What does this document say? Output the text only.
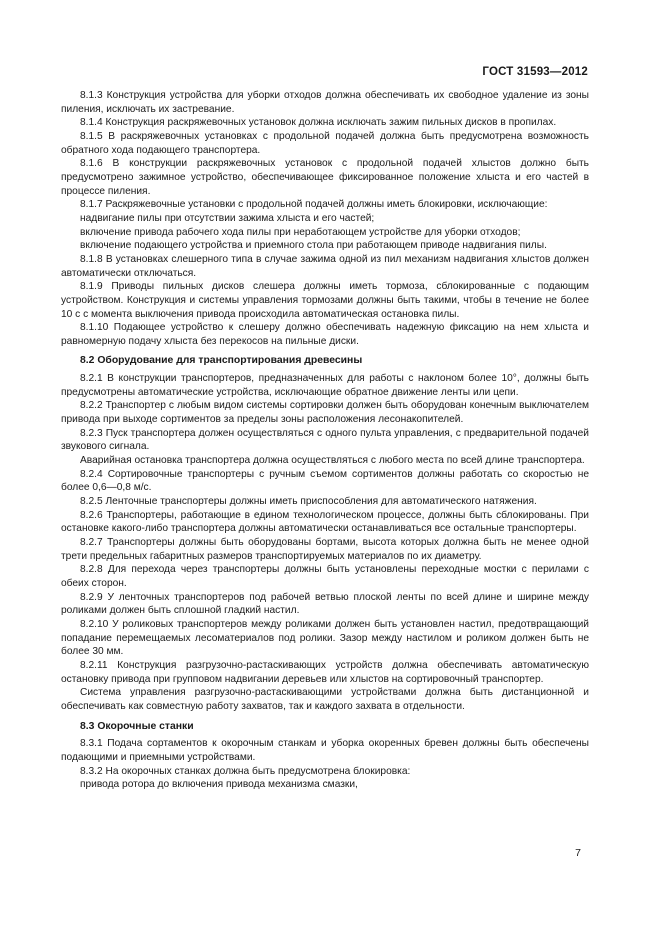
ГОСТ 31593—2012

8.1.3 Конструкция устройства для уборки отходов должна обеспечивать их свободное удаление из зоны пиления, исключать их застревание.

8.1.4 Конструкция раскряжевочных установок должна исключать зажим пильных дисков в пропилах.

8.1.5 В раскряжевочных установках с продольной подачей должна быть предусмотрена возможность обратного хода подающего транспортера.

8.1.6 В конструкции раскряжевочных установок с продольной подачей хлыстов должно быть предусмотрено зажимное устройство, обеспечивающее фиксированное положение хлыста и его частей в процессе пиления.

8.1.7 Раскряжевочные установки с продольной подачей должны иметь блокировки, исключающие:

надвигание пилы при отсутствии зажима хлыста и его частей;

включение привода рабочего хода пилы при неработающем устройстве для уборки отходов;

включение подающего устройства и приемного стола при работающем приводе надвигания пилы.

8.1.8 В установках слешерного типа в случае зажима одной из пил механизм надвигания хлыстов должен автоматически отключаться.

8.1.9 Приводы пильных дисков слешера должны иметь тормоза, сблокированные с подающим устройством. Конструкция и системы управления тормозами должны быть такими, чтобы в течение не более 10 с с момента выключения привода происходила автоматическая остановка пилы.

8.1.10 Подающее устройство к слешеру должно обеспечивать надежную фиксацию на нем хлыста и равномерную подачу хлыста без перекосов на пильные диски.

8.2 Оборудование для транспортирования древесины

8.2.1 В конструкции транспортеров, предназначенных для работы с наклоном более 10°, должны быть предусмотрены автоматические устройства, исключающие обратное движение ленты или цепи.

8.2.2 Транспортер с любым видом системы сортировки должен быть оборудован конечным выключателем привода при выходе сортиментов за пределы зоны расположения лесонакопителей.

8.2.3 Пуск транспортера должен осуществляться с одного пульта управления, с предварительной подачей звукового сигнала.

Аварийная остановка транспортера должна осуществляться с любого места по всей длине транспортера.

8.2.4 Сортировочные транспортеры с ручным съемом сортиментов должны работать со скоростью не более 0,6—0,8 м/с.

8.2.5 Ленточные транспортеры должны иметь приспособления для автоматического натяжения.

8.2.6 Транспортеры, работающие в едином технологическом процессе, должны быть сблокированы. При остановке какого-либо транспортера должны автоматически останавливаться все остальные транспортеры.

8.2.7 Транспортеры должны быть оборудованы бортами, высота которых должна быть не менее одной трети предельных габаритных размеров транспортируемых материалов по их диаметру.

8.2.8 Для перехода через транспортеры должны быть установлены переходные мостки с перилами с обеих сторон.

8.2.9 У ленточных транспортеров под рабочей ветвью плоской ленты по всей длине и ширине между роликами должен быть сплошной гладкий настил.

8.2.10 У роликовых транспортеров между роликами должен быть установлен настил, предотвращающий попадание перемещаемых лесоматериалов под ролики. Зазор между настилом и роликом должен быть не более 30 мм.

8.2.11 Конструкция разгрузочно-растаскивающих устройств должна обеспечивать автоматическую остановку привода при групповом надвигании деревьев или хлыстов на сортировочный транспортер.

Система управления разгрузочно-растаскивающими устройствами должна быть дистанционной и обеспечивать как совместную работу захватов, так и каждого захвата в отдельности.

8.3 Окорочные станки

8.3.1 Подача сортаментов к окорочным станкам и уборка окоренных бревен должны быть обеспечены подающими и приемными устройствами.

8.3.2 На окорочных станках должна быть предусмотрена блокировка:

привода ротора до включения привода механизма смазки,

7
